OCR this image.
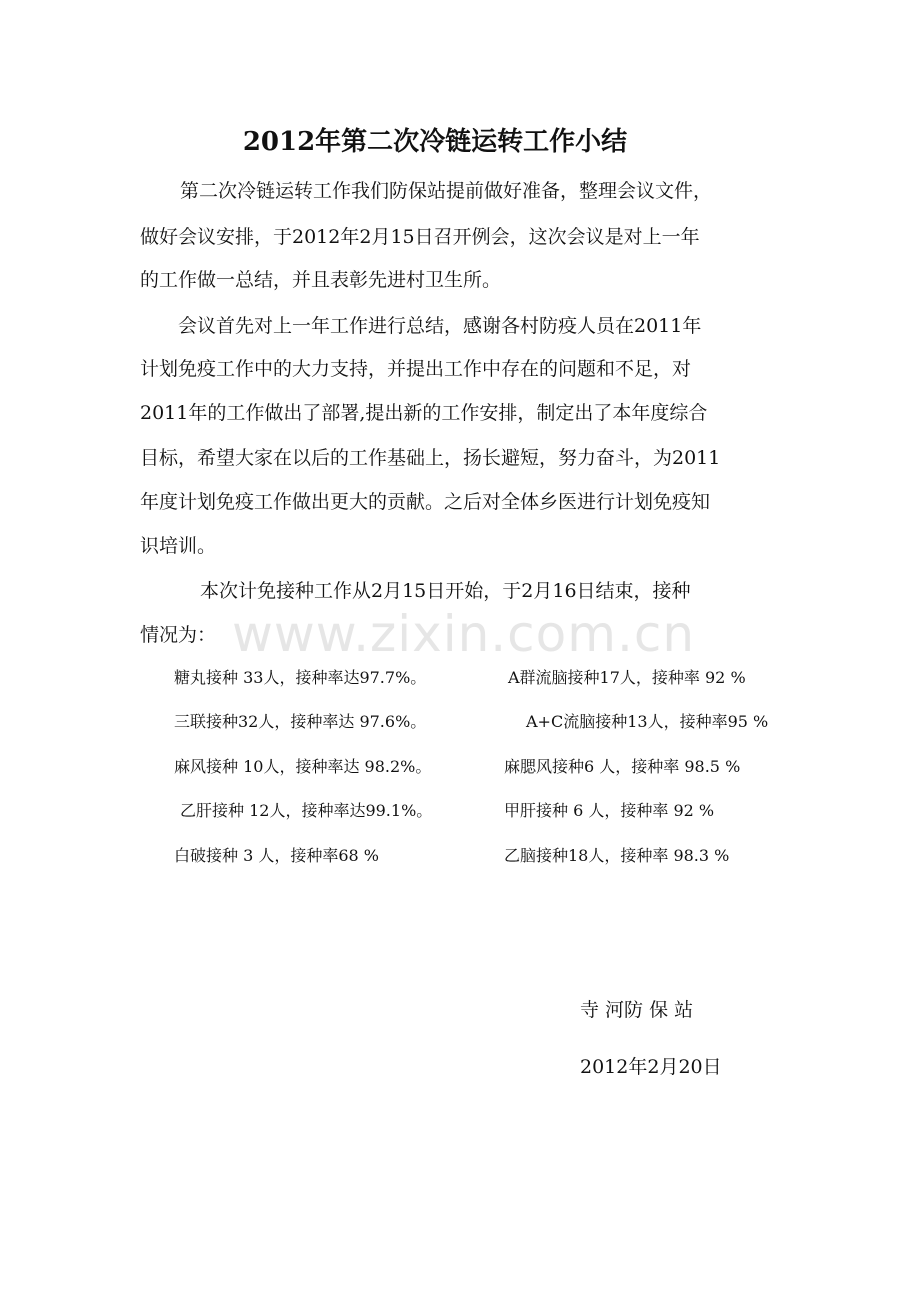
2012年第二次冷链运转工作小结
第二次冷链运转工作我们防保站提前做好准备，整理会议文件，
做好会议安排，于2012年2月15日召开例会，这次会议是对上一年
的工作做一总结，并且表彰先进村卫生所。
会议首先对上一年工作进行总结，感谢各村防疫人员在2011年
计划免疫工作中的大力支持，并提出工作中存在的问题和不足，对
2011年的工作做出了部署,提出新的工作安排，制定出了本年度综合
目标，希望大家在以后的工作基础上，扬长避短，努力奋斗，为2011
年度计划免疫工作做出更大的贡献。之后对全体乡医进行计划免疫知
识培训。
www.zixin.com.cn
本次计免接种工作从2月15日开始，于2月16日结束，接种
情况为：
糖丸接种 33人，接种率达97.7%。
三联接种32人，接种率达 97.6%。
麻风接种 10人，接种率达 98.2%。
乙肝接种 12人，接种率达99.1%。
白破接种 3 人，接种率68 %
A群流脑接种17人，接种率 92 %
A+C流脑接种13人，接种率95 %
麻腮风接种6 人，接种率 98.5 %
甲肝接种 6 人，接种率 92 %
乙脑接种18人，接种率 98.3 %
寺 河防 保 站
2012年2月20日
